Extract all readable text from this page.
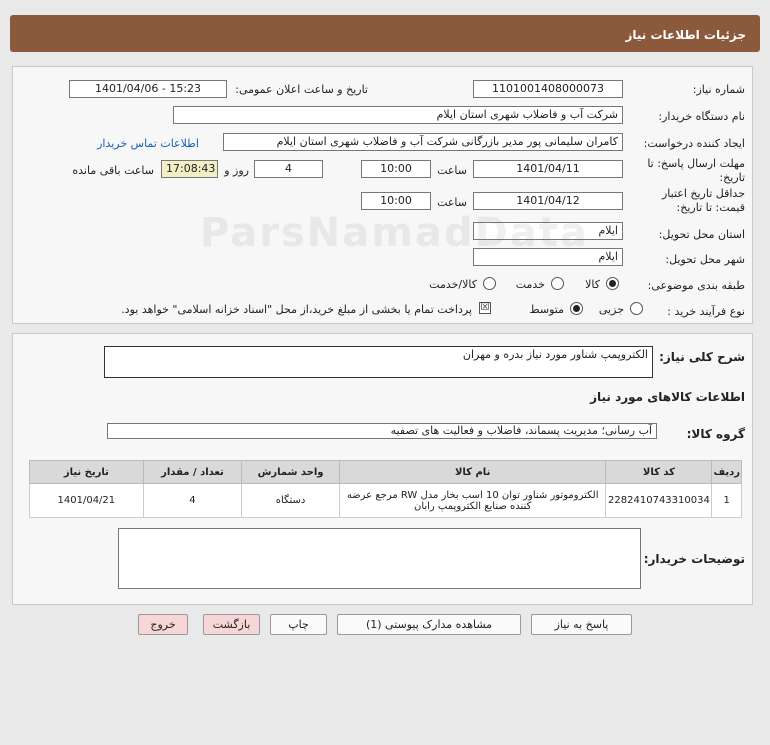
جزئیات اطلاعات نیاز
شماره نیاز:
1101001408000073
تاریخ و ساعت اعلان عمومی:
1401/04/06 - 15:23
نام دستگاه خریدار:
شرکت آب و فاضلاب شهری استان ایلام
ایجاد کننده درخواست:
کامران سلیمانی پور مدیر بازرگانی شرکت آب و فاضلاب شهری استان ایلام
اطلاعات تماس خریدار
مهلت ارسال پاسخ: تا
تاریخ:
1401/04/11
ساعت
10:00
4
روز و
17:08:43
ساعت باقی مانده
حداقل تاریخ اعتبار
قیمت: تا تاریخ:
1401/04/12
ساعت
10:00
استان محل تحویل:
ایلام
شهر محل تحویل:
ایلام
طبقه بندی موضوعی:
کالا
خدمت
کالا/خدمت
نوع فرآیند خرید :
جزیی
متوسط
☒
پرداخت تمام یا بخشی از مبلغ خرید،از محل "اسناد خزانه اسلامی" خواهد بود.
ParsNamadData
شرح کلی نیاز:
الکتروپمپ شناور مورد نیاز بدره و مهران
اطلاعات کالاهای مورد نیاز
گروه کالا:
آب رسانی؛ مدیریت پسماند، فاضلاب و فعالیت های تصفیه
ردیف	کد کالا	نام کالا	واحد شمارش	تعداد / مقدار	تاریخ نیاز
1	2282410743310034	الکتروموتور شناور توان 10 اسب بخار مدل RW مرجع عرضه کننده صنایع الکتروپمپ رابان	دستگاه	4	1401/04/21
توضیحات خریدار:
پاسخ به نیاز
مشاهده مدارک پیوستی (1)
چاپ
بازگشت
خروج
